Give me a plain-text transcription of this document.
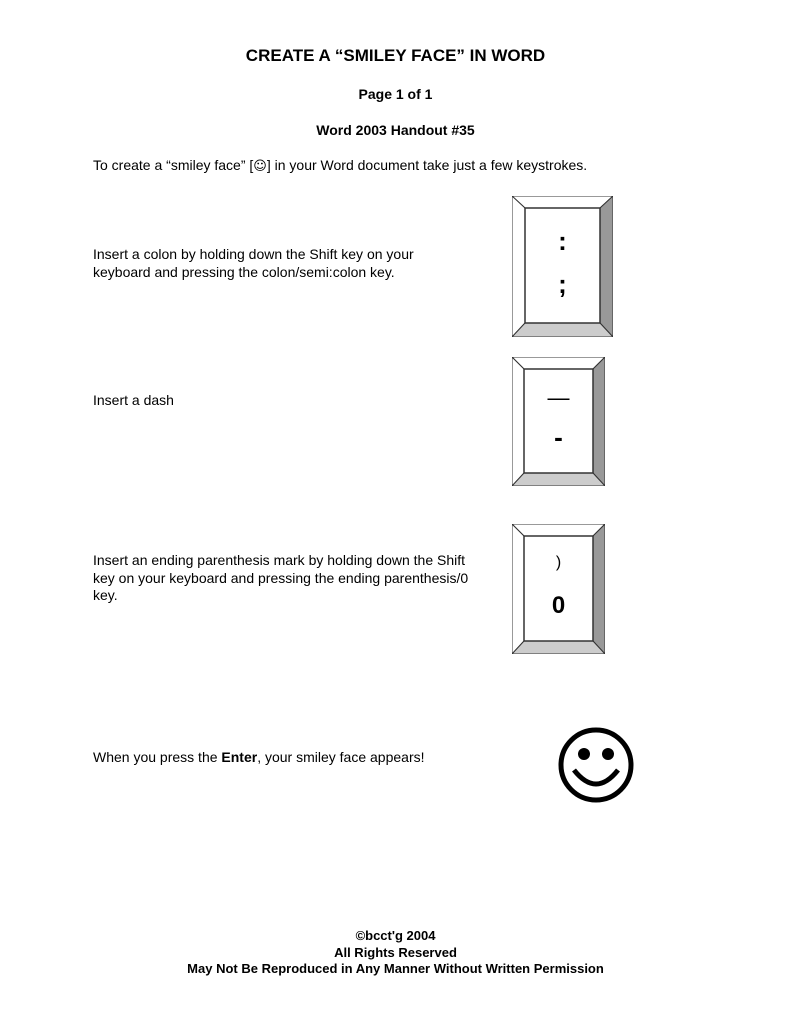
CREATE A “SMILEY FACE” IN WORD
Page 1 of 1
Word 2003 Handout #35
To create a “smiley face” [☺] in your Word document take just a few keystrokes.
Insert a colon by holding down the Shift key on your keyboard and pressing the colon/semi:colon key.
:
;
Insert a dash	—
-
Insert an ending parenthesis mark by holding down the Shift key on your keyboard and pressing the ending parenthesis/0 key.
)
0
When you press the Enter, your smiley face appears!
©bcct'g 2004
All Rights Reserved
May Not Be Reproduced in Any Manner Without Written Permission
